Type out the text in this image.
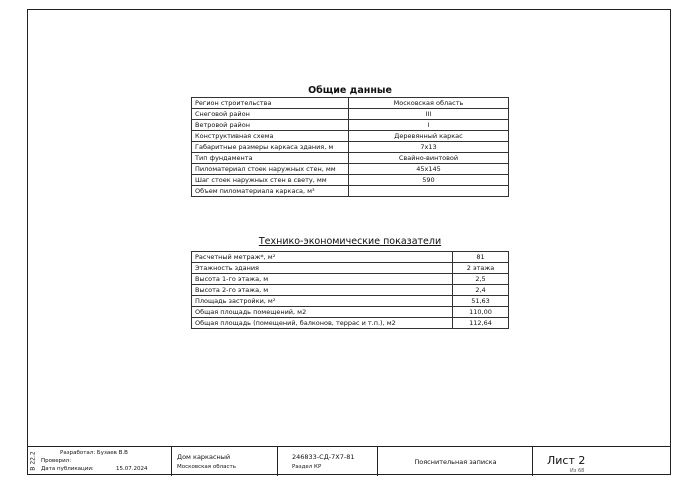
Общие данные
Регион строительства	Московская область
Снеговой район	III
Ветровой район	I
Конструктивная схема	Деревянный каркас
Габаритные размеры каркаса здания, м	7x13
Тип фундамента	Свайно-винтовой
Пиломатериал стоек наружных стен, мм	45x145
Шаг стоек наружных стен в свету, мм	590
Объем пиломатериала каркаса, м³	
Технико-экономические показатели
Расчетный метраж*, м²	81
Этажность здания	2 этажа
Высота 1-го этажа, м	2,5
Высота 2-го этажа, м	2,4
Площадь застройки, м²	51,63
Общая площадь помещений, м2	110,00
Общая площадь (помещений, балконов, террас и т.п.), м2	112,64
В 22.2	Разработал: Бузаев В.В
Проверил:
Дата публикации:	15.07.2024
Дом каркасный
Московская область
246833-СД-7Х7-81
Раздел КР
Пояснительная записка	Лист 2
Из 68
